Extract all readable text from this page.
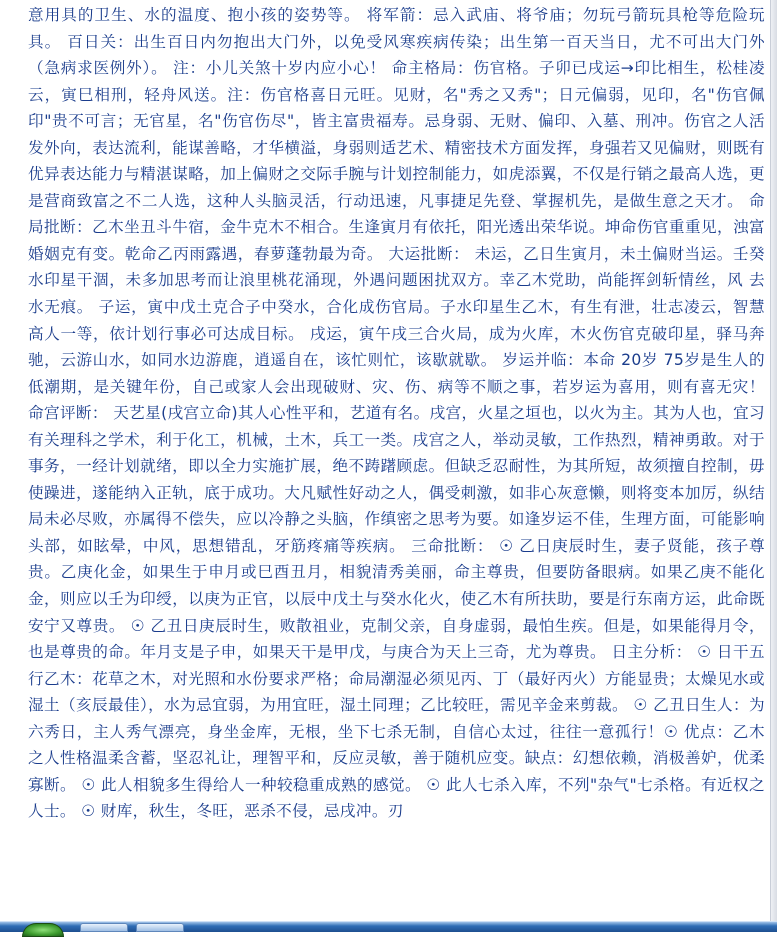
意用具的卫生、水的温度、抱小孩的姿势等。 将军箭：忌入武庙、将爷庙；勿玩弓箭玩具枪等危险玩具。 百日关：出生百日内勿抱出大门外，以免受风寒疾病传染；出生第一百天当日，尤不可出大门外（急病求医例外）。 注：小儿关煞十岁内应小心！ 命主格局：伤官格。子卯已戌运→印比相生，松桂凌云，寅巳相刑，轻舟风送。注：伤官格喜日元旺。见财，名"秀之又秀"；日元偏弱，见印，名"伤官佩印"贵不可言；无官星，名"伤官伤尽"，皆主富贵福寿。忌身弱、无财、偏印、入墓、刑冲。伤官之人活发外向，表达流利，能谋善略，才华横溢，身弱则适艺术、精密技术方面发挥，身强若又见偏财，则既有优异表达能力与精湛谋略，加上偏财之交际手腕与计划控制能力，如虎添翼，不仅是行销之最高人选，更是营商致富之不二人选，这种人头脑灵活，行动迅速，凡事捷足先登、掌握机先，是做生意之天才。 命局批断：乙木坐丑斗牛宿，金牛克木不相合。生逢寅月有依托，阳光透出荣华说。坤命伤官重重见，浊富婚姻克有变。乾命乙丙雨露遇，春萝蓬勃最为奇。 大运批断： 未运，乙日生寅月，未土偏财当运。壬癸水印星干涸，未多加思考而让浪里桃花涌现，外遇问题困扰双方。幸乙木党助，尚能挥剑斩情丝，风 去水无痕。 子运，寅中戊土克合子中癸水，合化成伤官局。子水印星生乙木，有生有泄，壮志凌云，智慧高人一等，依计划行事必可达成目标。 戌运，寅午戌三合火局，成为火库，木火伤官克破印星，驿马奔驰，云游山水，如同水边游鹿，逍遥自在，该忙则忙，该歇就歇。 岁运并临：本命 20岁 75岁是生人的低潮期，是关键年份，自己或家人会出现破财、灾、伤、病等不顺之事，若岁运为喜用，则有喜无灾！ 命宫评断： 天艺星(戌宫立命)其人心性平和，艺道有名。戌宫，火星之垣也，以火为主。其为人也，宜习有关理科之学术，利于化工，机械，土木，兵工一类。戌宫之人，举动灵敏，工作热烈，精神勇敢。对于事务，一经计划就绪，即以全力实施扩展，绝不踌躇顾虑。但缺乏忍耐性，为其所短，故须擅自控制，毋使躁进，遂能纳入正轨，底于成功。大凡赋性好动之人，偶受刺激，如非心灰意懒，则将变本加厉，纵结局未必尽败，亦属得不偿失，应以冷静之头脑，作缜密之思考为要。如逢岁运不佳，生理方面，可能影响头部，如眩晕，中风，思想错乱，牙筋疼痛等疾病。 三命批断： ☉ 乙日庚辰时生，妻子贤能，孩子尊贵。乙庚化金，如果生于申月或巳酉丑月，相貌清秀美丽，命主尊贵，但要防备眼病。如果乙庚不能化金，则应以壬为印绶，以庚为正官，以辰中戊土与癸水化火，使乙木有所扶助，要是行东南方运，此命既安宁又尊贵。 ☉ 乙丑日庚辰时生，败散祖业，克制父亲，自身虚弱，最怕生疾。但是，如果能得月令，也是尊贵的命。年月支是子申，如果天干是甲戊，与庚合为天上三奇，尤为尊贵。 日主分析： ☉ 日干五行乙木：花草之木，对光照和水份要求严格；命局潮湿必须见丙、丁（最好丙火）方能显贵；太燥见水或湿土（亥辰最佳），水为忌宜弱，为用宜旺，湿土同理；乙比较旺，需见辛金来剪裁。 ☉ 乙丑日生人：为六秀日，主人秀气漂亮，身坐金库，无根，坐下七杀无制，自信心太过，往往一意孤行！☉ 优点：乙木之人性格温柔含蓄，坚忍礼让，理智平和，反应灵敏，善于随机应变。缺点：幻想依赖，消极善妒，优柔寡断。 ☉ 此人相貌多生得给人一种较稳重成熟的感觉。 ☉ 此人七杀入库，不列"杂气"七杀格。有近权之人士。 ☉ 财库，秋生，冬旺，恶杀不侵，忌戌冲。刃
